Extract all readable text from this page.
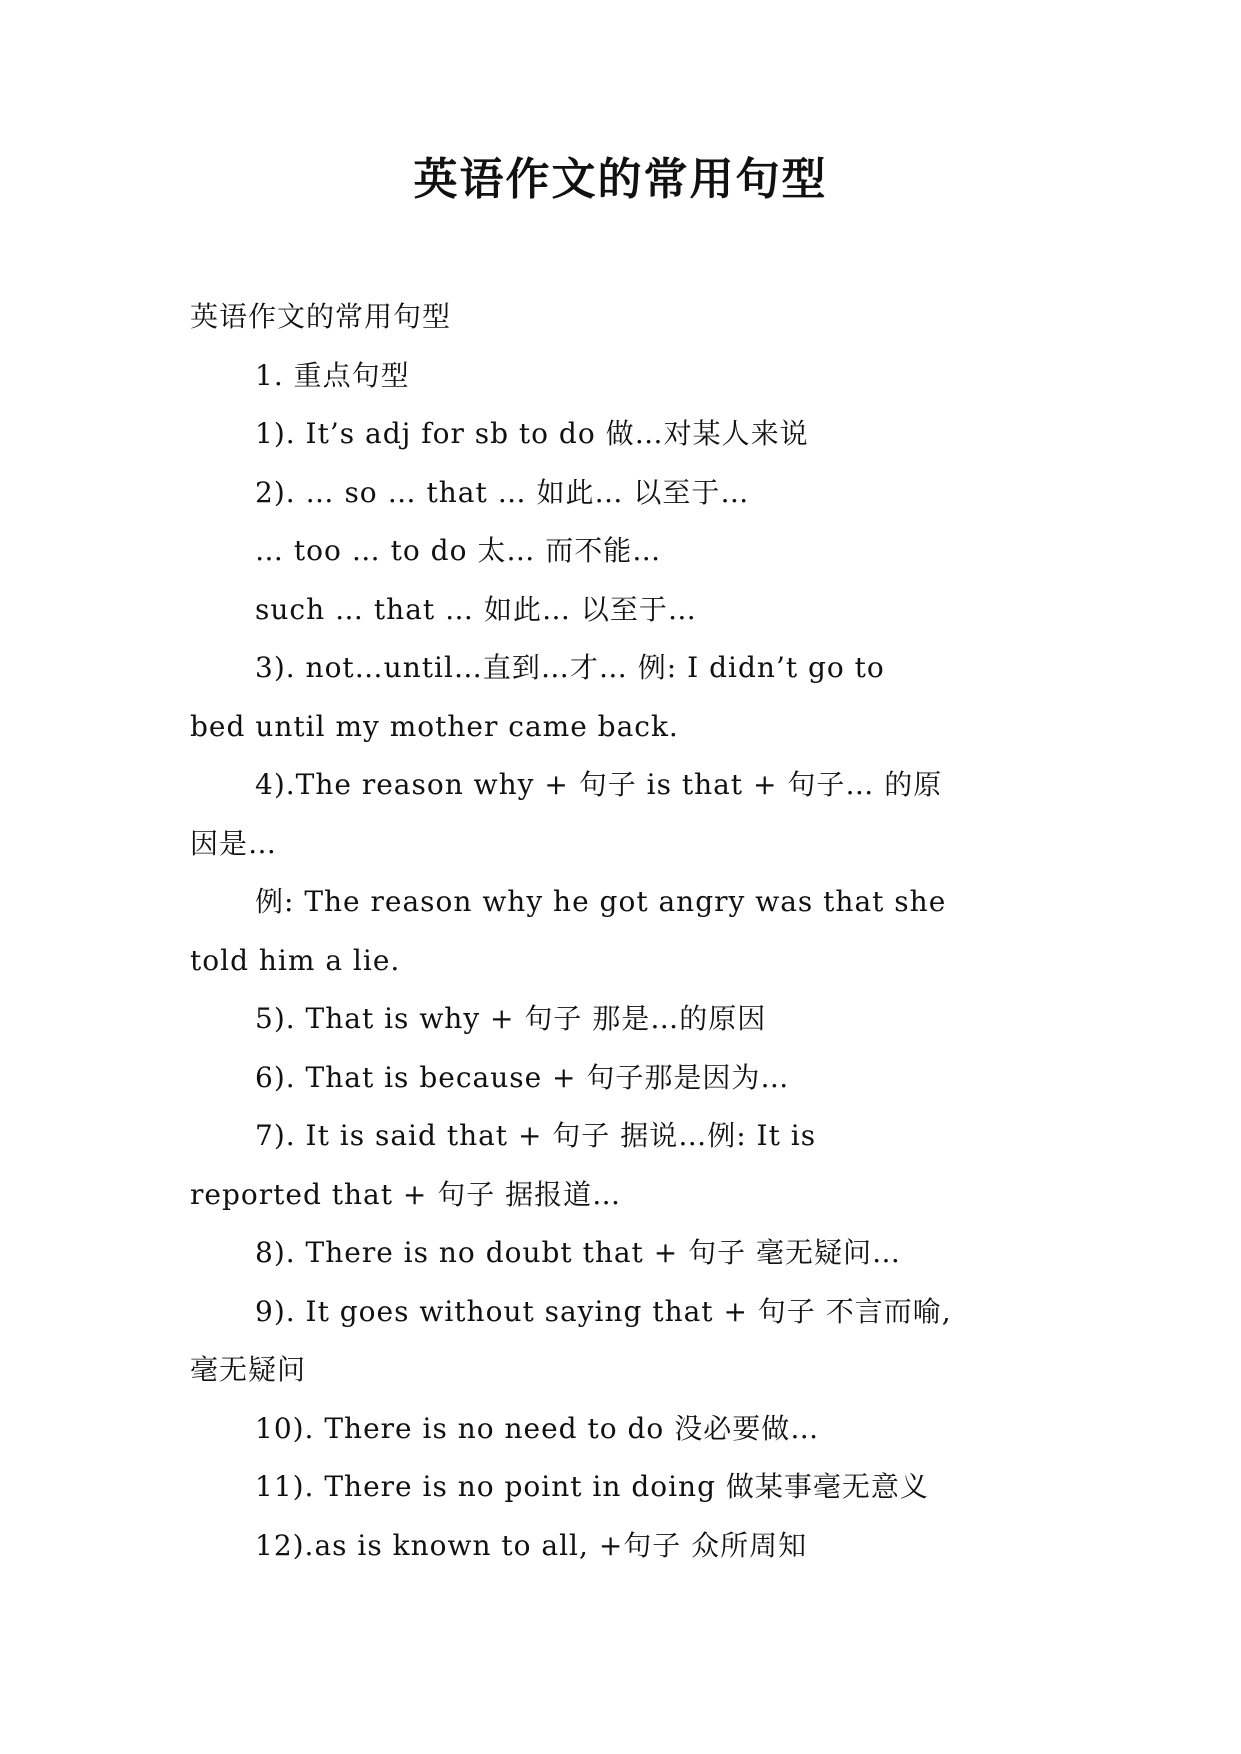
英语作文的常用句型
英语作文的常用句型
1. 重点句型
1). It’s adj for sb to do 做…对某人来说
2). … so … that … 如此… 以至于…
… too … to do 太… 而不能…
such … that … 如此… 以至于…
3). not…until…直到…才… 例: I didn’t go to
bed until my mother came back.
4).The reason why + 句子 is that + 句子… 的原
因是…
例: The reason why he got angry was that she
told him a lie.
5). That is why + 句子 那是…的原因
6). That is because + 句子那是因为…
7). It is said that + 句子 据说…例: It is
reported that + 句子 据报道…
8). There is no doubt that + 句子 毫无疑问…
9). It goes without saying that + 句子 不言而喻,
毫无疑问
10). There is no need to do 没必要做…
11). There is no point in doing 做某事毫无意义
12).as is known to all, +句子 众所周知
